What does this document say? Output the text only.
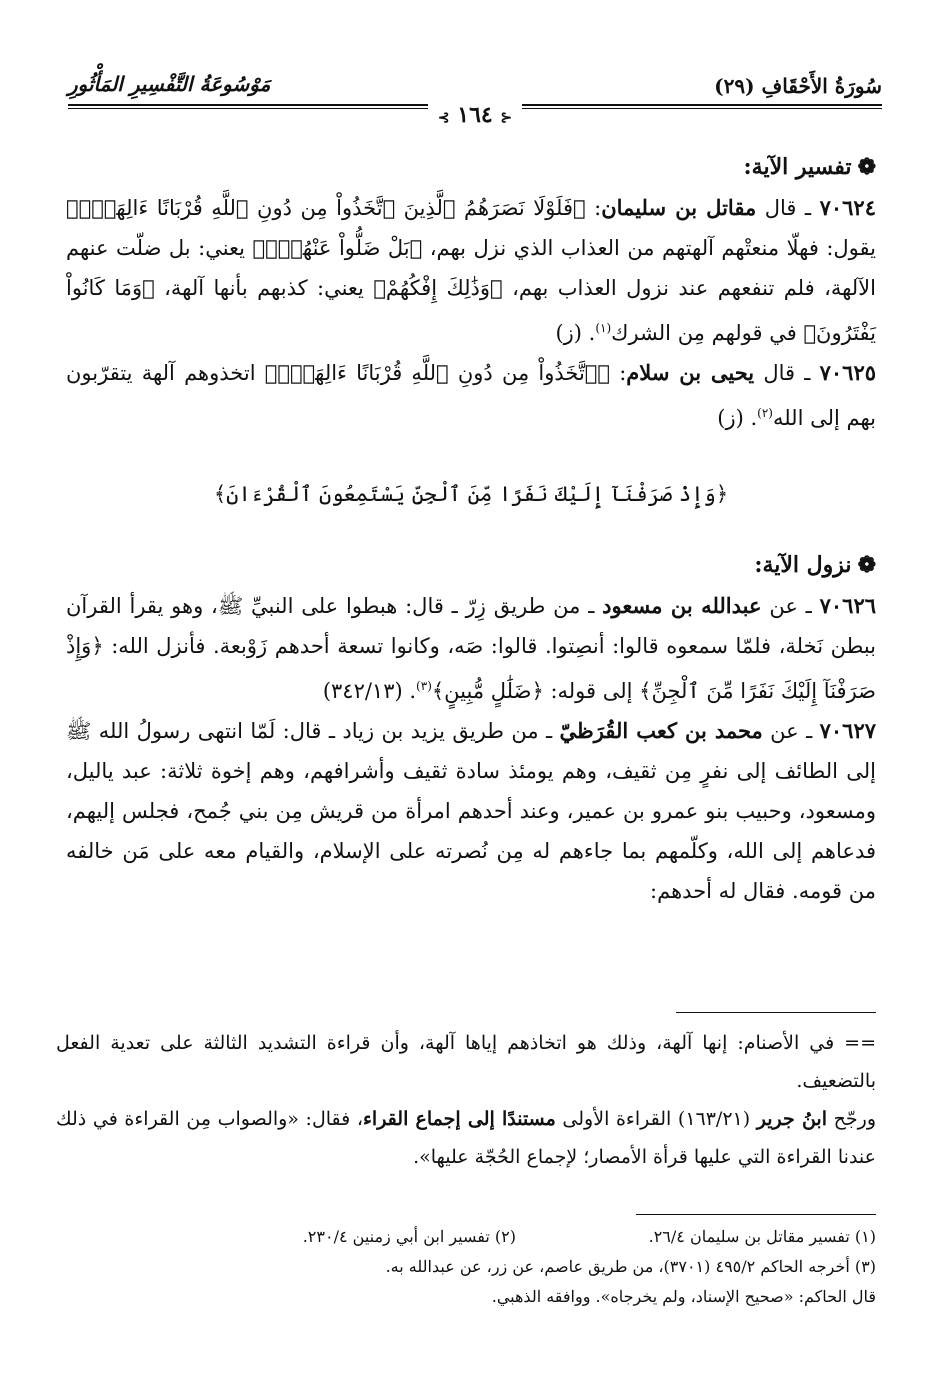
سُورَةُ الأَحْقَافِ (٢٩)
مَوْسُوعَةُ التَّفْسِيرِ المَأْثُورِ
⊰ ١٦٤ ⊱

❁تفسير الآية:

٧٠٦٢٤ ـ قال مقاتل بن سليمان: ﴿فَلَوْلَا نَصَرَهُمُ ٱلَّذِينَ ٱتَّخَذُواْ مِن دُونِ ٱللَّهِ قُرْبَانًا ءَالِهَةَۢ﴾ يقول: فهلّا منعتْهم آلهتهم من العذاب الذي نزل بهم، ﴿بَلْ ضَلُّواْ عَنْهُمْۚ﴾ يعني: بل ضلّت عنهم الآلهة، فلم تنفعهم عند نزول العذاب بهم، ﴿وَذَٰلِكَ إِفْكُهُمْ﴾ يعني: كذبهم بأنها آلهة، ﴿وَمَا كَانُواْ يَفْتَرُونَ﴾ في قولهم مِن الشرك$^{(١)}$. (ز)

٧٠٦٢٥ ـ قال يحيى بن سلام: ﴿ٱتَّخَذُواْ مِن دُونِ ٱللَّهِ قُرْبَانًا ءَالِهَةَۢ﴾ اتخذوهم آلهة يتقرّبون بهم إلى الله$^{(٢)}$. (ز)

﴿وَإِذْ صَرَفْنَآ إِلَيْكَ نَفَرًا مِّنَ ٱلْجِنِّ يَسْتَمِعُونَ ٱلْقُرْءَانَ﴾

❁نزول الآية:

٧٠٦٢٦ ـ عن عبدالله بن مسعود ـ من طريق زِرّ ـ قال: هبطوا على النبيِّ ﷺ، وهو يقرأ القرآن ببطن نَخلة، فلمّا سمعوه قالوا: أنصِتوا. قالوا: صَه، وكانوا تسعة أحدهم زَوْبعة. فأنزل الله: ﴿وَإِذْ صَرَفْنَآ إِلَيْكَ نَفَرًا مِّنَ ٱلْجِنِّ﴾ إلى قوله: ﴿ضَلَٰلٍ مُّبِينٍ﴾$^{(٣)}$. (٣٤٢/١٣)

٧٠٦٢٧ ـ عن محمد بن كعب القُرَظيّ ـ من طريق يزيد بن زياد ـ قال: لَمّا انتهى رسولُ الله ﷺ إلى الطائف إلى نفرٍ مِن ثقيف، وهم يومئذ سادة ثقيف وأشرافهم، وهم إخوة ثلاثة: عبد ياليل، ومسعود، وحبيب بنو عمرو بن عمير، وعند أحدهم امرأة من قريش مِن بني جُمح، فجلس إليهم، فدعاهم إلى الله، وكلّمهم بما جاءهم له مِن نُصرته على الإسلام، والقيام معه على مَن خالفه من قومه. فقال له أحدهم:

== في الأصنام: إنها آلهة، وذلك هو اتخاذهم إياها آلهة، وأن قراءة التشديد الثالثة على تعدية الفعل بالتضعيف.

ورجّح ابنُ جرير (١٦٣/٢١) القراءة الأولى مستندًا إلى إجماع القراء، فقال: «والصواب مِن القراءة في ذلك عندنا القراءة التي عليها قرأة الأمصار؛ لإجماع الحُجّة عليها».

(١) تفسير مقاتل بن سليمان ٢٦/٤.
(٢) تفسير ابن أبي زمنين ٢٣٠/٤.
(٣) أخرجه الحاكم ٤٩٥/٢ (٣٧٠١)، من طريق عاصم، عن زر، عن عبدالله به.
قال الحاكم: «صحيح الإسناد، ولم يخرجاه». ووافقه الذهبي.
